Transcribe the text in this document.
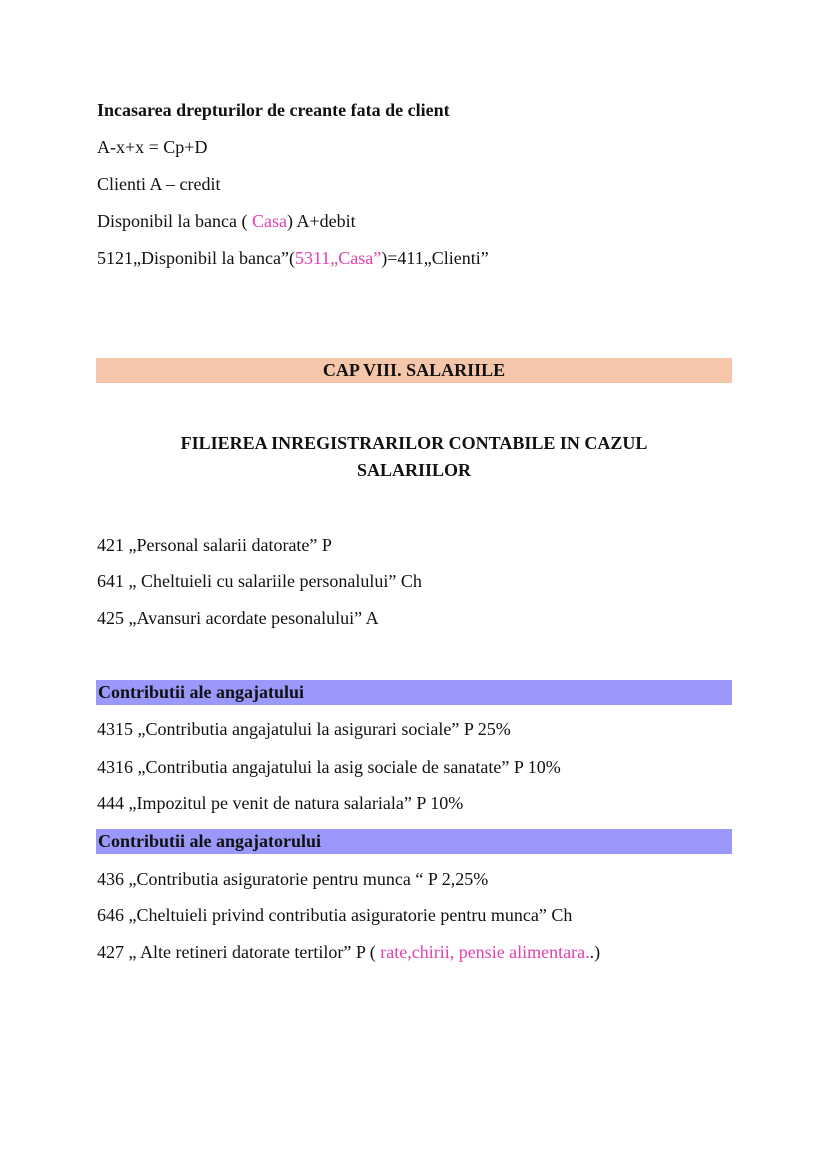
Incasarea drepturilor de creante fata de client
A-x+x = Cp+D
Clienti A – credit
Disponibil la banca ( Casa) A+debit
5121„Disponibil la banca”(5311„Casa”)=411„Clienti”
CAP VIII. SALARIILE
FILIEREA INREGISTRARILOR CONTABILE IN CAZUL
SALARIILOR
421 „Personal salarii datorate” P
641 „ Cheltuieli cu salariile personalului” Ch
425 „Avansuri acordate pesonalului” A
Contributii ale angajatului
4315 „Contributia angajatului la asigurari sociale” P 25%
4316 „Contributia angajatului la asig sociale de sanatate” P 10%
444 „Impozitul pe venit de natura salariala” P 10%
Contributii ale angajatorului
436 „Contributia asiguratorie pentru munca “ P 2,25%
646 „Cheltuieli privind contributia asiguratorie pentru munca” Ch
427 „ Alte retineri datorate tertilor” P ( rate,chirii, pensie alimentara..)
